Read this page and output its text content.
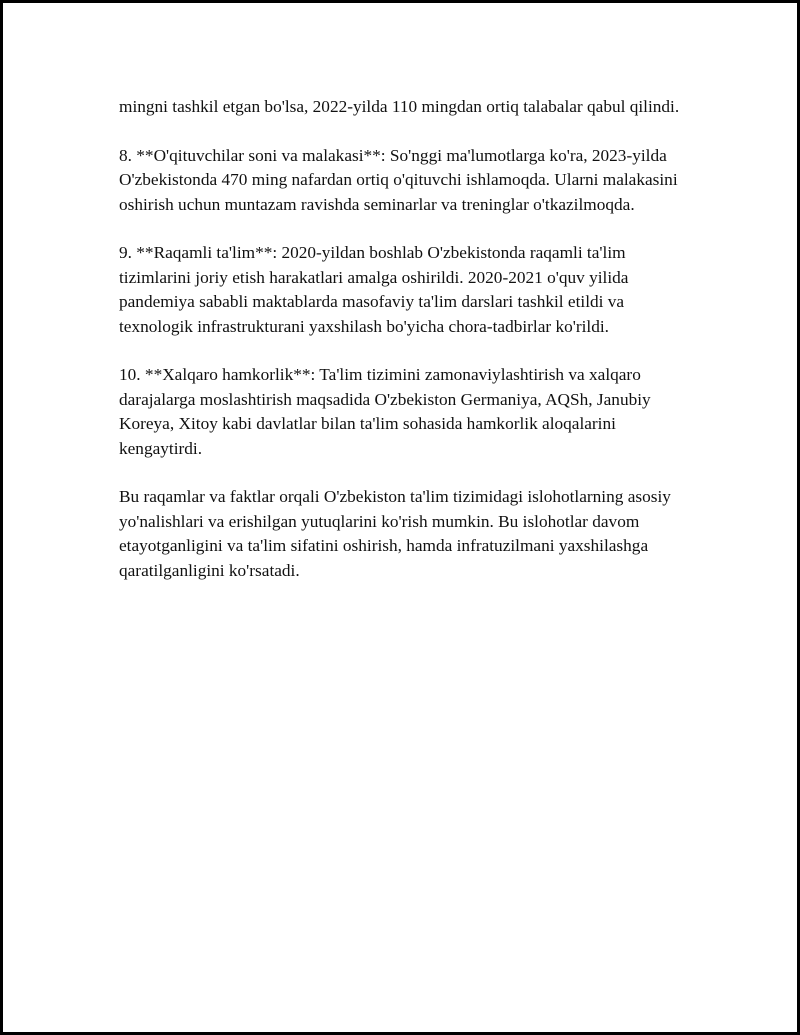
mingni tashkil etgan bo'lsa, 2022-yilda 110 mingdan ortiq talabalar qabul qilindi.

8. **O'qituvchilar soni va malakasi**: So'nggi ma'lumotlarga ko'ra, 2023-yilda O'zbekistonda 470 ming nafardan ortiq o'qituvchi ishlamoqda. Ularni malakasini oshirish uchun muntazam ravishda seminarlar va treninglar o'tkazilmoqda.

9. **Raqamli ta'lim**: 2020-yildan boshlab O'zbekistonda raqamli ta'lim tizimlarini joriy etish harakatlari amalga oshirildi. 2020-2021 o'quv yilida pandemiya sababli maktablarda masofaviy ta'lim darslari tashkil etildi va texnologik infrastrukturani yaxshilash bo'yicha chora-tadbirlar ko'rildi.

10. **Xalqaro hamkorlik**: Ta'lim tizimini zamonaviylashtirish va xalqaro darajalarga moslashtirish maqsadida O'zbekiston Germaniya, AQSh, Janubiy Koreya, Xitoy kabi davlatlar bilan ta'lim sohasida hamkorlik aloqalarini kengaytirdi.

Bu raqamlar va faktlar orqali O'zbekiston ta'lim tizimidagi islohotlarning asosiy yo'nalishlari va erishilgan yutuqlarini ko'rish mumkin. Bu islohotlar davom etayotganligini va ta'lim sifatini oshirish, hamda infratuzilmani yaxshilashga qaratilganligini ko'rsatadi.
